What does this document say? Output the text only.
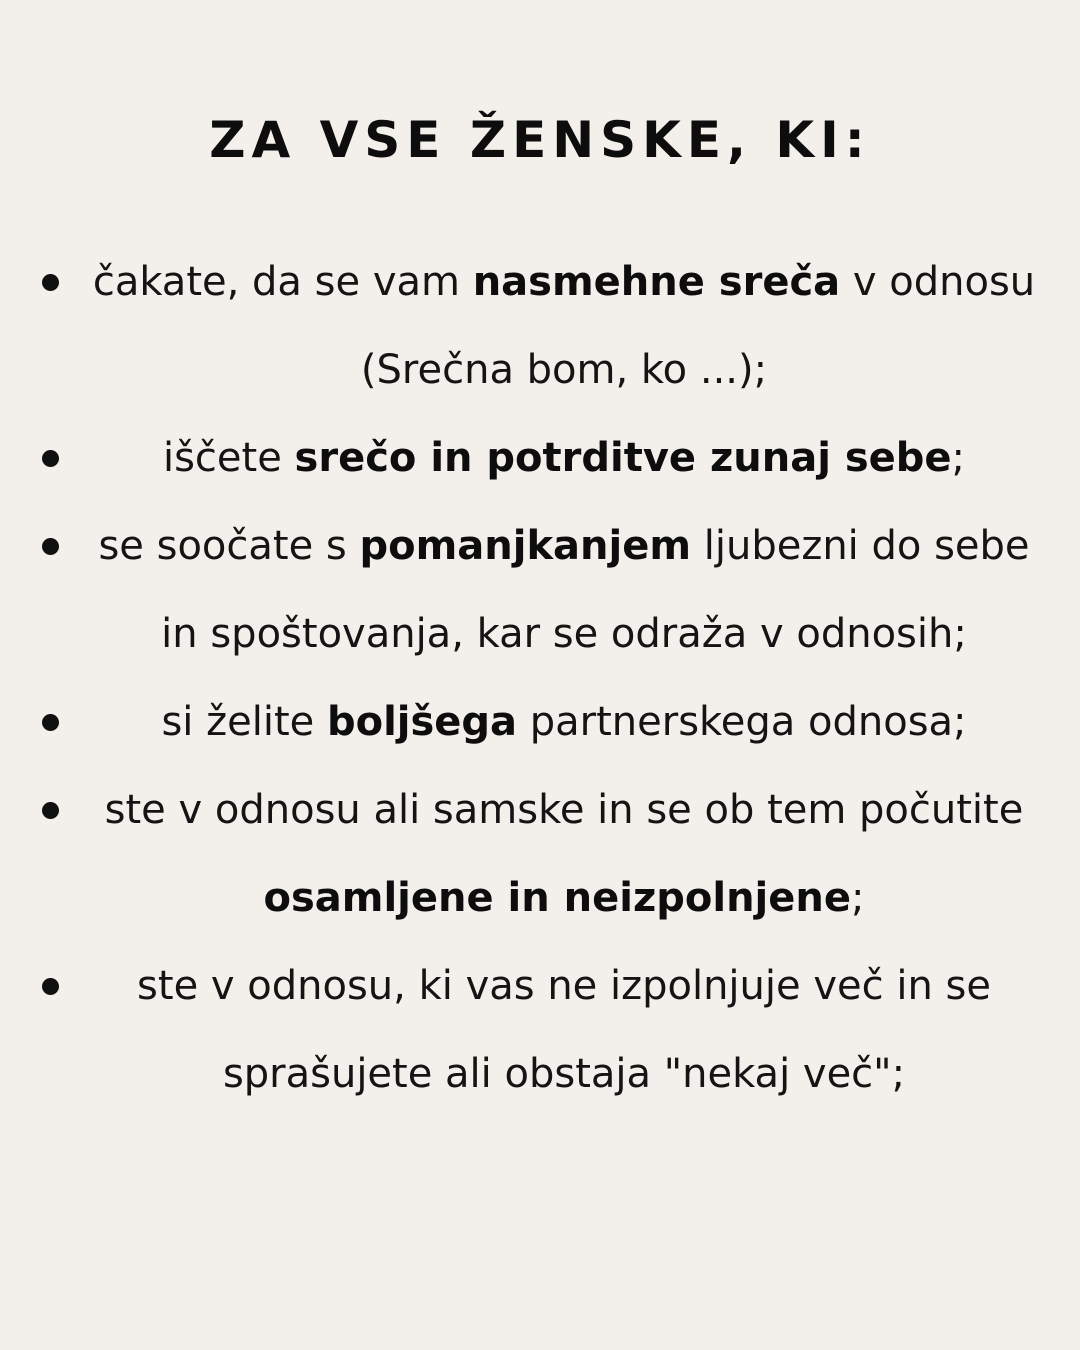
ZA VSE ŽENSKE, KI:
čakate, da se vam nasmehne sreča v odnosu (Srečna bom, ko ...);
iščete srečo in potrditve zunaj sebe;
se soočate s pomanjkanjem ljubezni do sebe in spoštovanja, kar se odraža v odnosih;
si želite boljšega partnerskega odnosa;
ste v odnosu ali samske in se ob tem počutite osamljene in neizpolnjene;
ste v odnosu, ki vas ne izpolnjuje več in se sprašujete ali obstaja "nekaj več";
